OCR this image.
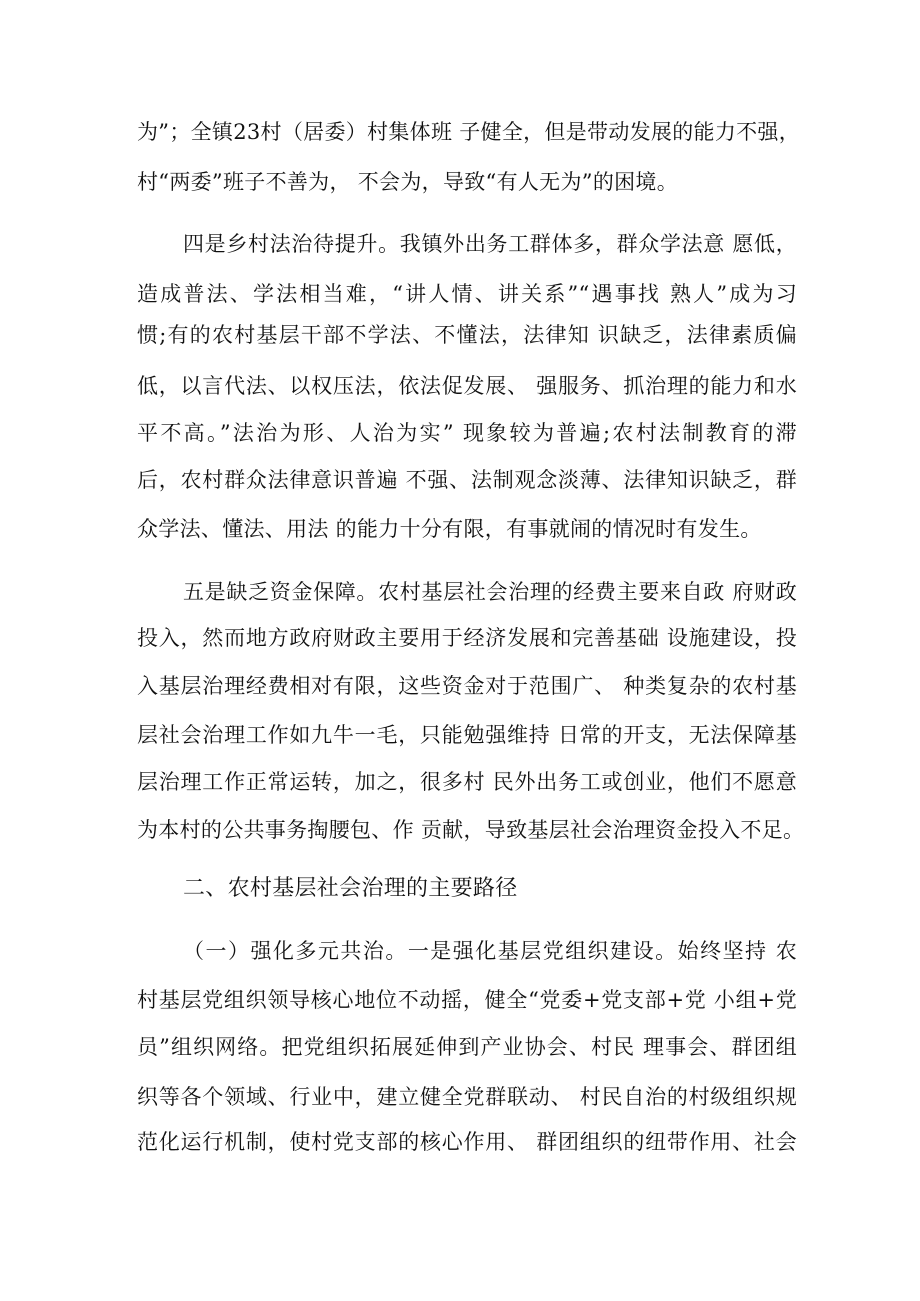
为”；全镇23村（居委）村集体班 子健全，但是带动发展的能力不强，
村“两委”班子不善为， 不会为，导致“有人无为”的困境。
四是乡村法治待提升。我镇外出务工群体多，群众学法意 愿低，
造成普法、学法相当难，“讲人情、讲关系”“遇事找 熟人”成为习
惯;有的农村基层干部不学法、不懂法，法律知 识缺乏，法律素质偏
低，以言代法、以权压法，依法促发展、 强服务、抓治理的能力和水
平不高。”法治为形、人治为实” 现象较为普遍;农村法制教育的滞
后，农村群众法律意识普遍 不强、法制观念淡薄、法律知识缺乏，群
众学法、懂法、用法 的能力十分有限，有事就闹的情况时有发生。
五是缺乏资金保障。农村基层社会治理的经费主要来自政 府财政
投入，然而地方政府财政主要用于经济发展和完善基础 设施建设，投
入基层治理经费相对有限，这些资金对于范围广、 种类复杂的农村基
层社会治理工作如九牛一毛，只能勉强维持 日常的开支，无法保障基
层治理工作正常运转，加之，很多村 民外出务工或创业，他们不愿意
为本村的公共事务掏腰包、作 贡献，导致基层社会治理资金投入不足。
二、农村基层社会治理的主要路径
（一）强化多元共治。一是强化基层党组织建设。始终坚持 农
村基层党组织领导核心地位不动摇，健全“党委+党支部+党 小组+党
员”组织网络。把党组织拓展延伸到产业协会、村民 理事会、群团组
织等各个领域、行业中，建立健全党群联动、 村民自治的村级组织规
范化运行机制，使村党支部的核心作用、 群团组织的纽带作用、社会
